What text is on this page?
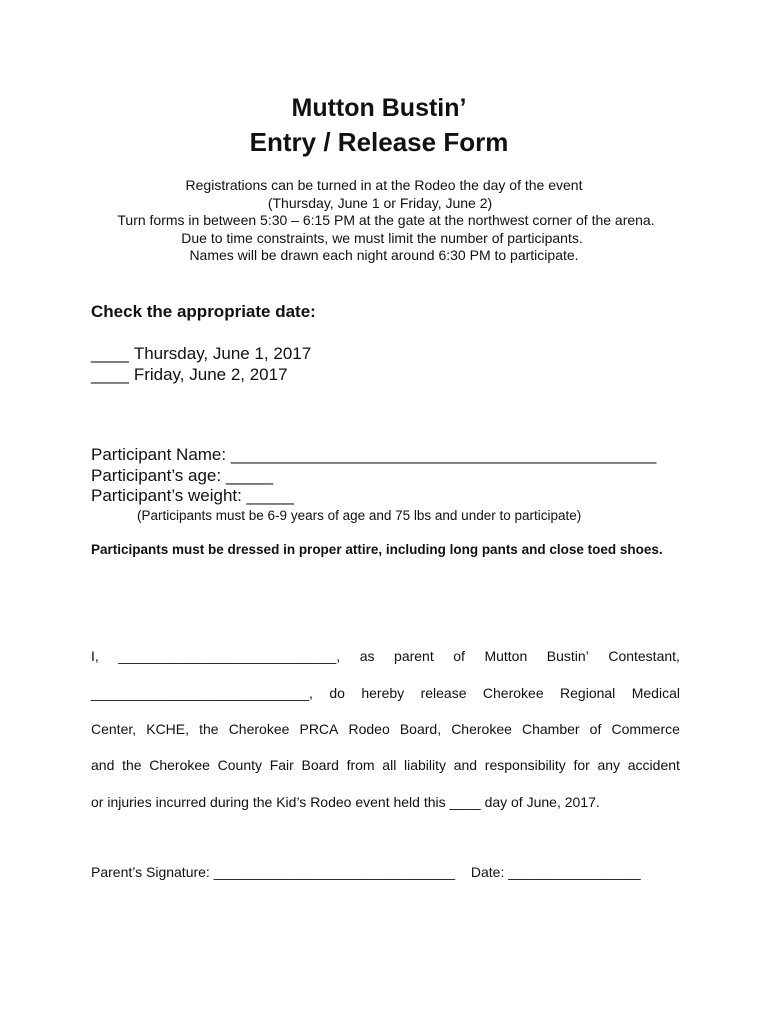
Mutton Bustin’
Entry / Release Form
Registrations can be turned in at the Rodeo the day of the event
(Thursday, June 1 or Friday, June 2)
Turn forms in between 5:30 – 6:15 PM at the gate at the northwest corner of the arena.
Due to time constraints, we must limit the number of participants.
Names will be drawn each night around 6:30 PM to participate.
Check the appropriate date:
____ Thursday, June 1, 2017
____ Friday, June 2, 2017
Participant Name: _____________________________________________
Participant’s age: _____
Participant’s weight: _____
(Participants must be 6-9 years of age and 75 lbs and under to participate)
Participants must be dressed in proper attire, including long pants and close toed shoes.
I, ____________________________, as parent of Mutton Bustin’ Contestant,
____________________________, do hereby release Cherokee Regional Medical
Center, KCHE, the Cherokee PRCA Rodeo Board, Cherokee Chamber of Commerce
and the Cherokee County Fair Board from all liability and responsibility for any accident
or injuries incurred during the Kid’s Rodeo event held this ____ day of June, 2017.
Parent’s Signature: _______________________________ Date: _________________
